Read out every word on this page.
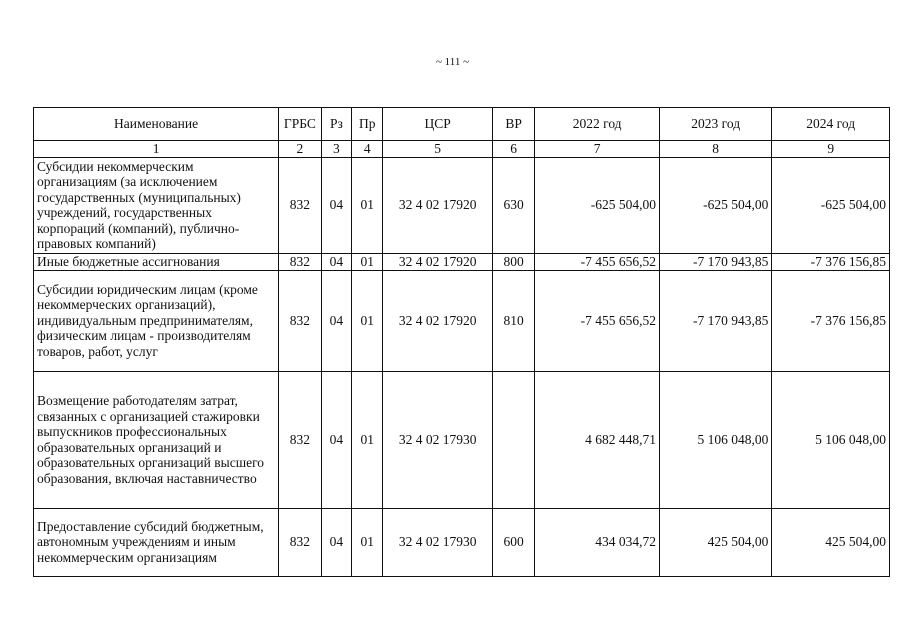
~ 111 ~
Наименование	ГРБС	Рз	Пр	ЦСР	ВР	2022 год	2023 год	2024 год
1	2	3	4	5	6	7	8	9
Субсидии некоммерческим организациям (за исключением государственных (муниципальных) учреждений, государственных корпораций (компаний), публично-правовых компаний)	832	04	01	32 4 02 17920	630	-625 504,00	-625 504,00	-625 504,00
Иные бюджетные ассигнования	832	04	01	32 4 02 17920	800	-7 455 656,52	-7 170 943,85	-7 376 156,85
Субсидии юридическим лицам (кроме некоммерческих организаций), индивидуальным предпринимателям, физическим лицам - производителям товаров, работ, услуг	832	04	01	32 4 02 17920	810	-7 455 656,52	-7 170 943,85	-7 376 156,85
Возмещение работодателям затрат, связанных с организацией стажировки выпускников профессиональных образовательных организаций и образовательных организаций высшего образования, включая наставничество	832	04	01	32 4 02 17930		4 682 448,71	5 106 048,00	5 106 048,00
Предоставление субсидий бюджетным, автономным учреждениям и иным некоммерческим организациям	832	04	01	32 4 02 17930	600	434 034,72	425 504,00	425 504,00
